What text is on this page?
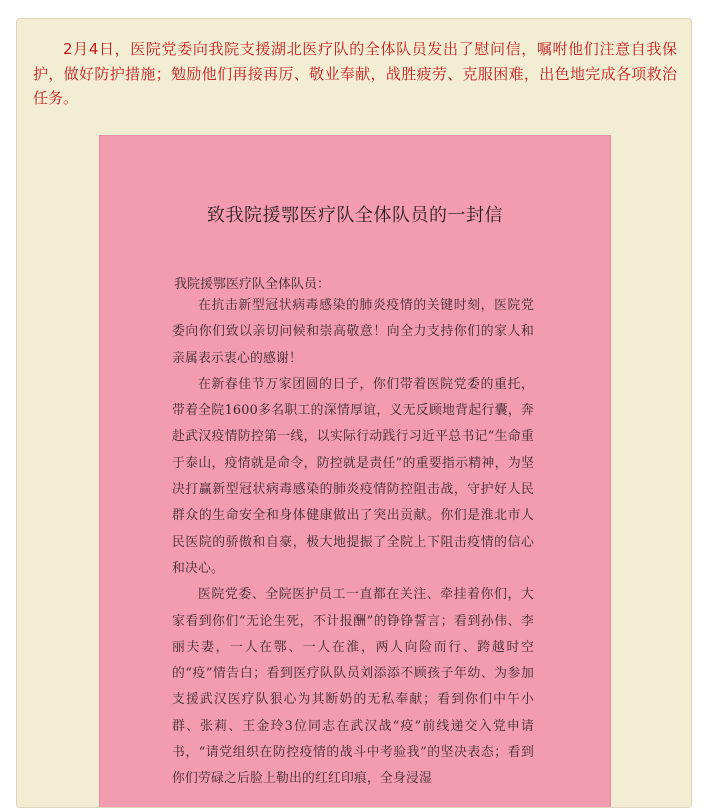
2月4日，医院党委向我院支援湖北医疗队的全体队员发出了慰问信，嘱咐他们注意自我保护，做好防护措施；勉励他们再接再厉、敬业奉献，战胜疲劳、克服困难，出色地完成各项救治任务。

致我院援鄂医疗队全体队员的一封信
我院援鄂医疗队全体队员：

在抗击新型冠状病毒感染的肺炎疫情的关键时刻，医院党委向你们致以亲切问候和崇高敬意！向全力支持你们的家人和亲属表示衷心的感谢！

在新春佳节万家团圆的日子，你们带着医院党委的重托，带着全院1600多名职工的深情厚谊，义无反顾地背起行囊，奔赴武汉疫情防控第一线，以实际行动践行习近平总书记“生命重于泰山，疫情就是命令，防控就是责任”的重要指示精神，为坚决打赢新型冠状病毒感染的肺炎疫情防控阻击战，守护好人民群众的生命安全和身体健康做出了突出贡献。你们是淮北市人民医院的骄傲和自豪，极大地提振了全院上下阻击疫情的信心和决心。

医院党委、全院医护员工一直都在关注、牵挂着你们，大家看到你们“无论生死，不计报酬”的铮铮誓言；看到孙伟、李丽夫妻，一人在鄂、一人在淮，两人向险而行、跨越时空的“疫”情告白；看到医疗队队员刘添添不顾孩子年幼、为参加支援武汉医疗队狠心为其断奶的无私奉献；看到你们中午小群、张莉、王金玲3位同志在武汉战“疫”前线递交入党申请书，“请党组织在防控疫情的战斗中考验我”的坚决表态；看到你们劳碌之后脸上勒出的红红印痕，全身浸湿
